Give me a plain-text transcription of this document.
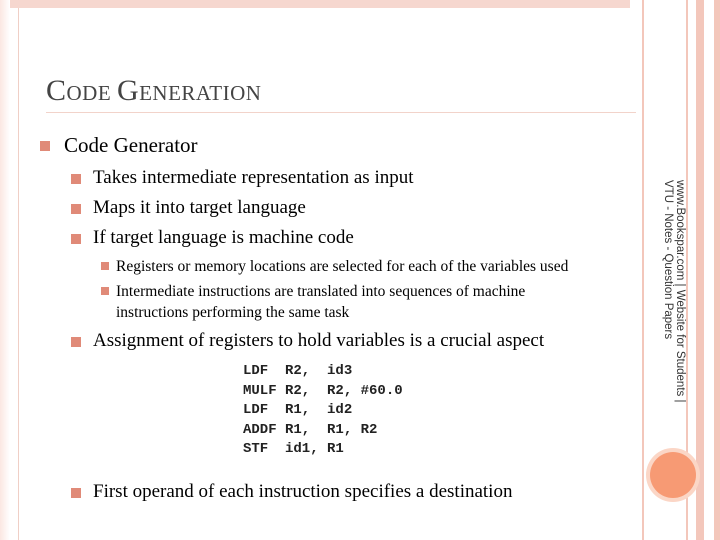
CODE GENERATION
Code Generator
Takes intermediate representation as input
Maps it into target language
If target language is machine code
Registers or memory locations are selected for each of the variables used
Intermediate instructions are translated into sequences of machine
instructions performing the same task
Assignment of registers to hold variables is a crucial aspect
LDF  R2,  id3
MULF R2,  R2, #60.0
LDF  R1,  id2
ADDF R1,  R1, R2
STF  id1, R1
First operand of each instruction specifies a destination
www.Bookspar.com | Website for Students |
VTU - Notes - Question Papers
